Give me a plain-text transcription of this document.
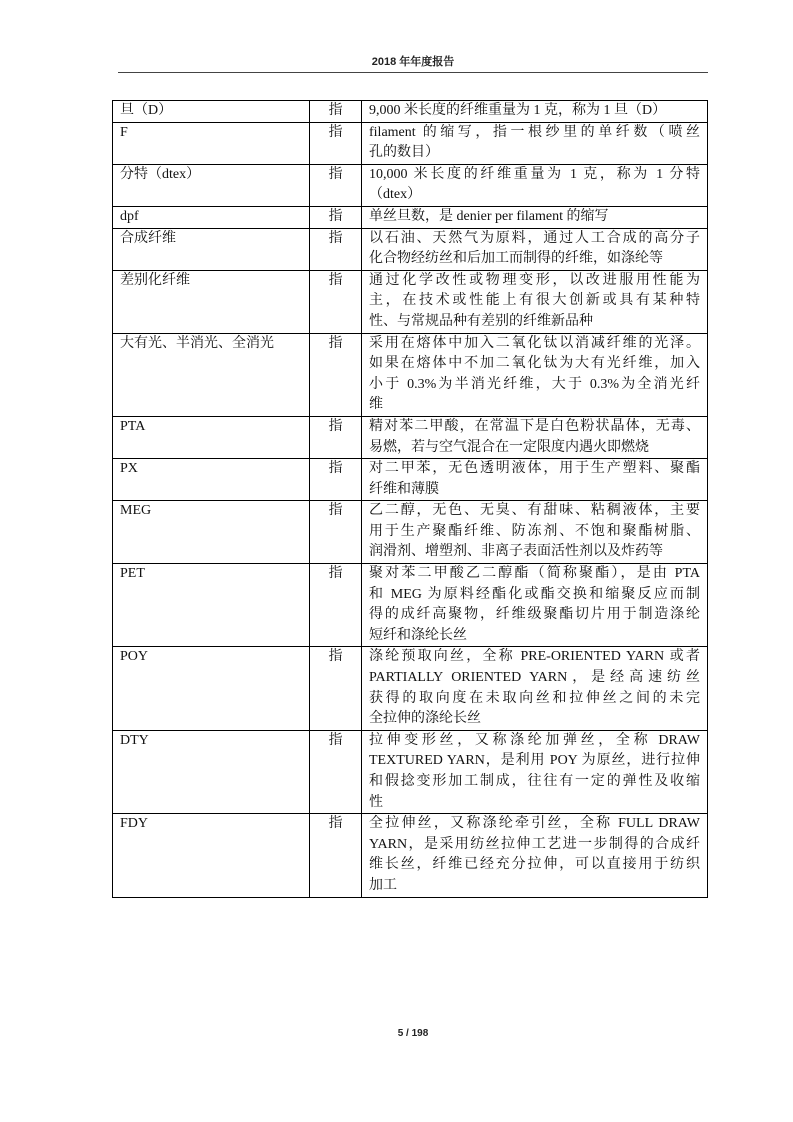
2018 年年度报告
旦（D）	指	9,000 米长度的纤维重量为 1 克，称为 1 旦（D）

F	指	filament 的缩写，指一根纱里的单纤数（喷丝
孔的数目）

分特（dtex）	指	10,000 米长度的纤维重量为 1 克，称为 1 分特
（dtex）

dpf	指	单丝旦数，是 denier per filament 的缩写

合成纤维	指	以石油、天然气为原料，通过人工合成的高分子
化合物经纺丝和后加工而制得的纤维，如涤纶等

差别化纤维	指	通过化学改性或物理变形，以改进服用性能为
主，在技术或性能上有很大创新或具有某种特
性、与常规品种有差别的纤维新品种

大有光、半消光、全消光	指	采用在熔体中加入二氧化钛以消减纤维的光泽。
如果在熔体中不加二氧化钛为大有光纤维，加入
小于 0.3%为半消光纤维，大于 0.3%为全消光纤
维

PTA	指	精对苯二甲酸，在常温下是白色粉状晶体，无毒、
易燃，若与空气混合在一定限度内遇火即燃烧

PX	指	对二甲苯，无色透明液体，用于生产塑料、聚酯
纤维和薄膜

MEG	指	乙二醇，无色、无臭、有甜味、粘稠液体，主要
用于生产聚酯纤维、防冻剂、不饱和聚酯树脂、
润滑剂、增塑剂、非离子表面活性剂以及炸药等

PET	指	聚对苯二甲酸乙二醇酯（简称聚酯），是由 PTA
和 MEG 为原料经酯化或酯交换和缩聚反应而制
得的成纤高聚物，纤维级聚酯切片用于制造涤纶
短纤和涤纶长丝

POY	指	涤纶预取向丝，全称 PRE-ORIENTED YARN 或者
PARTIALLY ORIENTED YARN，是经高速纺丝
获得的取向度在未取向丝和拉伸丝之间的未完
全拉伸的涤纶长丝

DTY	指	拉伸变形丝，又称涤纶加弹丝，全称 DRAW
TEXTURED YARN，是利用 POY 为原丝，进行拉伸
和假捻变形加工制成，往往有一定的弹性及收缩
性

FDY	指	全拉伸丝，又称涤纶牵引丝，全称 FULL DRAW
YARN，是采用纺丝拉伸工艺进一步制得的合成纤
维长丝，纤维已经充分拉伸，可以直接用于纺织
加工
5 / 198
